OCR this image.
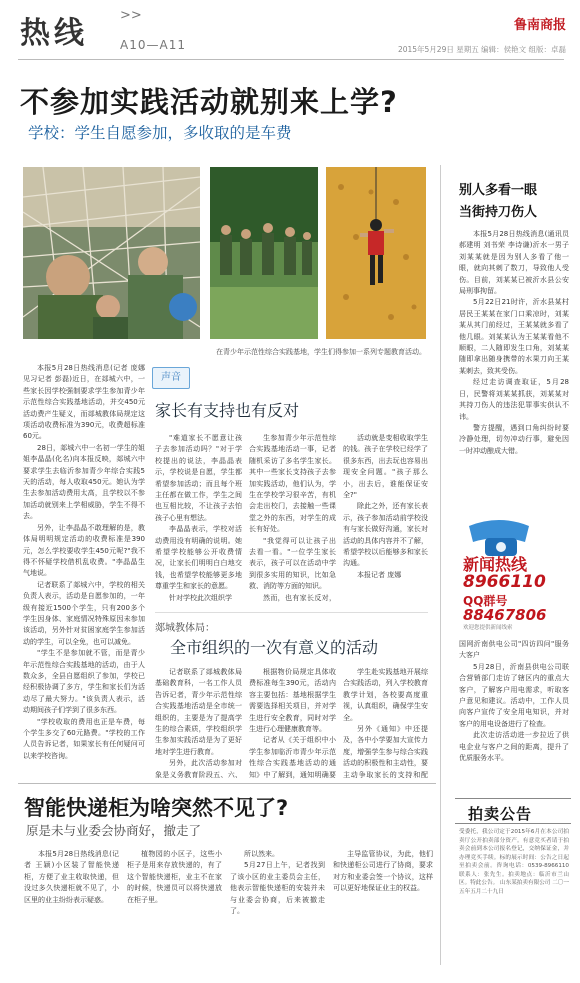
热线
>>
A10—A11
鲁南商报
2015年5月29日 星期五 编辑：侯艳文 组版：卓磊
不参加实践活动就别来上学?
学校：学生自愿参加，多收取的是车费
在青少年示范性综合实践基地，学生们得参加一系列专题教育活动。

本报5月28日热线消息(记者 庞娜 见习记者 彭磊)近日，在郯城六中，一些家长因学校强制要求学生参加青少年示范性综合实践基地活动，并交450元活动费产生疑义，而郯城教体局规定这项活动收费标准为390元，收费超标准60元。

28日，郯城六中一名初一学生的姐姐李晶晶(化名)向本报反映，郯城六中要求学生去临沂参加青少年综合实践5天的活动，每人收取450元。她认为学生去参加活动费用太高，且学校以不参加活动就别来上学相威胁，学生不得不去。

另外，让李晶晶不敢理解的是，教体局明明规定活动的收费标准是390元，怎么学校要收学生450元呢?"我不得不怀疑学校借机乱收费。"李晶晶生气地说。

记者联系了郯城六中，学校的相关负责人表示，活动是自愿参加的，一年级有接近1500个学生，只有200多个学生因身体、家庭情况特殊原因未参加该活动，另外针对贫困家庭学生参加活动的学生，可以全免，也可以减免。

"学生不是参加就不管，而是青少年示范性综合实践基地的活动，由于人数众多，全县自愿组织了参加，学校已经积极协调了多方，学生和家长们为活动尽了最大努力。"该负责人表示，活动期间孩子们学到了很多东西。

"学校收取的费用也正是车费，每个学生多交了60元路费。"学校的工作人员告诉记者，如果家长有任何疑问可以来学校咨询。

声音
家长有支持也有反对

"难道家长不愿意让孩子去参加活动吗？"对于学校提出的说法，李晶晶表示，学校说是自愿，学生都希望参加活动；而且每个班主任都在做工作，学生之间也互相比较，不让孩子去怕孩子心里有想法。

李晶晶表示，学校对活动费用没有明确的说明。她希望学校能够公开收费情况，让家长们明明白白地交钱，也希望学校能够更多地尊重学生和家长的意愿。

针对学校此次组织学

生参加青少年示范性综合实践基地活动一事，记者随机采访了多名学生家长。其中一些家长支持孩子去参加实践活动，他们认为，学生在学校学习很辛苦，有机会走出校门，去接触一些课堂之外的东西，对学生的成长有好处。

"我觉得可以让孩子出去看一看。"一位学生家长表示，孩子可以在活动中学到很多实用的知识，比如急救、消防等方面的知识。

然而，也有家长反对，

活动就是变相收取学生的钱。孩子在学校已经学了很多东西，出去玩也容易出现安全问题。"孩子那么小，出去后，谁能保证安全?"

除此之外，还有家长表示，孩子参加活动前学校没有与家长做好沟通，家长对活动的具体内容并不了解，希望学校以后能够多和家长沟通。

本报记者 庞娜

郯城教体局：
全市组织的一次有意义的活动

记者联系了郯城教体局基础教育科，一名工作人员告诉记者，青少年示范性综合实践基地活动是全市统一组织的，主要是为了提高学生的综合素质，学校组织学生参加实践活动是为了更好地对学生进行教育。

另外，此次活动参加对象是义务教育阶段五、六、

根据物价局规定具体收费标准每生390元，活动内容主要包括：基地根据学生需要选择相关项目，并对学生进行安全教育，同时对学生进行心理健康教育等。

记者从《关于组织中小学生参加临沂市青少年示范性综合实践基地活动的通知》中了解到，通知明确要

学生赴实践基地开展综合实践活动，列入学校教育教学计划，各校要高度重视，认真组织，确保学生安全。

另外《通知》中还提及，各中小学要加大宣传力度，增强学生参与综合实践活动的积极性和主动性，要主动争取家长的支持和配

别人多看一眼
当街持刀伤人

本报5月28日热线消息(通讯员 郝建明 刘书荣 李诗谦)沂水一男子刘某某就是因为别人多看了他一眼，就向其刺了数刀，导致他人受伤。目前，刘某某已被沂水县公安局刑事拘留。

5月22日21时许，沂水县某村居民王某某在家门口乘凉时，刘某某从其门前经过，王某某就多看了他几眼。刘某某认为王某某看他不顺眼，二人随即发生口角，刘某某随即拿出随身携带的水果刀向王某某刺去，致其受伤。

经过走访调查取证，5月28日，民警将刘某某抓获，刘某某对其持刀伤人的违法犯罪事实供认不讳。

警方提醒，遇到口角纠纷时要冷静处理，切勿冲动行事，避免因一时冲动酿成大错。

新闻热线
8966110
QQ群号
88467806
欢迎您提供新闻线索

国网沂南供电公司"四访四问"服务大客户

5月28日，沂南县供电公司联合营销部门走访了辖区内的重点大客户，了解客户用电需求，听取客户意见和建议。活动中，工作人员向客户宣传了安全用电知识，并对客户的用电设备进行了检查。

此次走访活动进一步拉近了供电企业与客户之间的距离，提升了优质服务水平。

拍卖公告
受委托，我公司定于2015年6月在本公司拍卖厅公开拍卖部分资产。有意竞买者请于拍卖会前到本公司报名登记，交纳保证金，并办理竞买手续。标的展示时间：公告之日起至拍卖会前。咨询电话：0539-8966110 联系人：张先生。拍卖地点：临沂市兰山区。特此公告。 山东某拍卖有限公司 二〇一五年五月二十九日
智能快递柜为啥突然不见了?
原是未与业委会协商好，撤走了

本报5月28日热线消息(记者 王颖)小区装了智能快递柜，方便了业主收取快递，但没过多久快递柜就不见了，小区里的业主纷纷表示疑惑。

植物园的小区子，这些小柜子是用来存放快递的，有了这个智能快递柜，业主不在家的时候，快递员可以将快递放在柜子里。

所以然来。

5月27日上午，记者找到了该小区的业主委员会主任，他表示智能快递柜的安装并未与业委会协商，后来被撤走了。

主导监管协议，为此，他们和快递柜公司进行了协商，要求对方和业委会签一个协议，这样可以更好地保证业主的权益。
